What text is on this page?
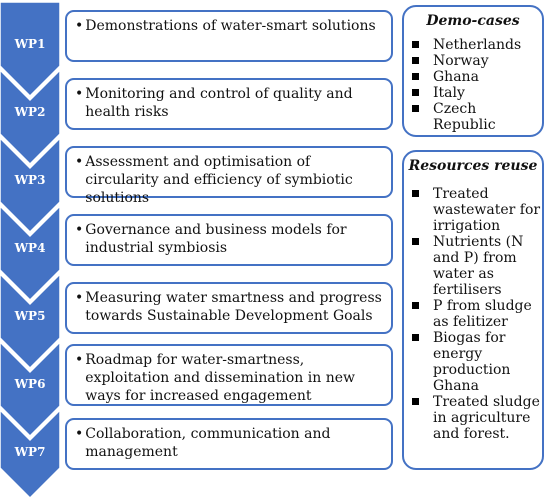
WP1
WP2
WP3
WP4
WP5
WP6
WP7
• Demonstrations of water-smart solutions
• Monitoring and control of quality and health risks
• Assessment and optimisation of circularity and efficiency of symbiotic solutions
• Governance and business models for industrial symbiosis
• Measuring water smartness and progress towards Sustainable Development Goals
• Roadmap for water-smartness, exploitation and dissemination in new ways for increased engagement
• Collaboration, communication and management
Demo-cases
Netherlands
Norway
Ghana
Italy
Czech Republic
Resources reuse
Treated wastewater for irrigation
Nutrients (N and P) from water as fertilisers
P from sludge as felitizer
Biogas for energy production Ghana
Treated sludge in agriculture and forest.
